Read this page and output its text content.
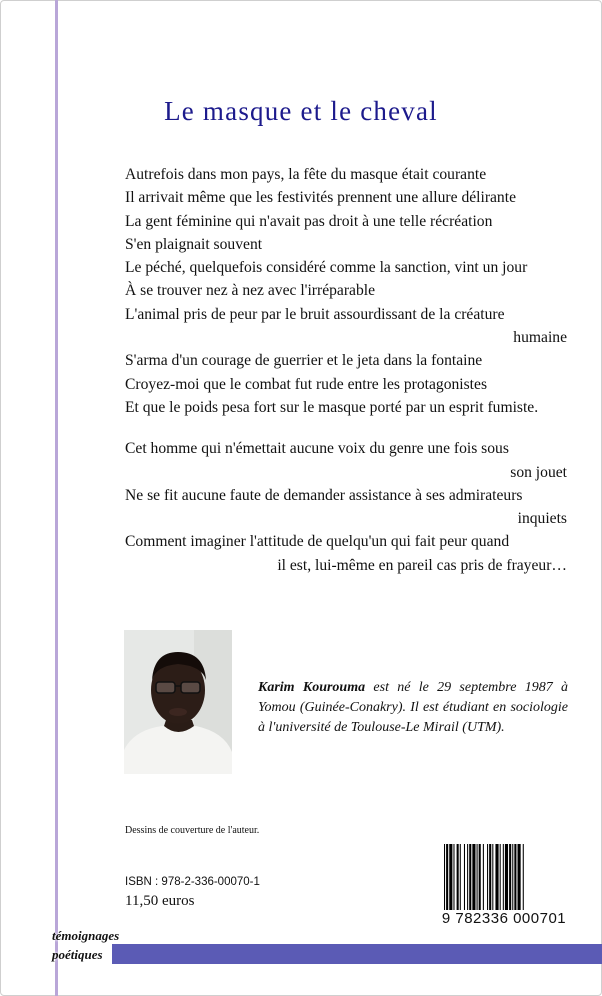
Le masque et le cheval
Autrefois dans mon pays, la fête du masque était courante
Il arrivait même que les festivités prennent une allure délirante
La gent féminine qui n'avait pas droit à une telle récréation
S'en plaignait souvent
Le péché, quelquefois considéré comme la sanction, vint un jour
À se trouver nez à nez avec l'irréparable
L'animal pris de peur par le bruit assourdissant de la créature
humaine
S'arma d'un courage de guerrier et le jeta dans la fontaine
Croyez-moi que le combat fut rude entre les protagonistes
Et que le poids pesa fort sur le masque porté par un esprit fumiste.
Cet homme qui n'émettait aucune voix du genre une fois sous
son jouet
Ne se fit aucune faute de demander assistance à ses admirateurs
inquiets
Comment imaginer l'attitude de quelqu'un qui fait peur quand
il est, lui-même en pareil cas pris de frayeur…

Karim Kourouma est né le 29 septembre 1987 à Yomou (Guinée-Conakry). Il est étudiant en sociologie à l'université de Toulouse-Le Mirail (UTM).

Dessins de couverture de l'auteur.
ISBN : 978-2-336-00070-1
11,50 euros
9 782336 000701
témoignages
poétiques
